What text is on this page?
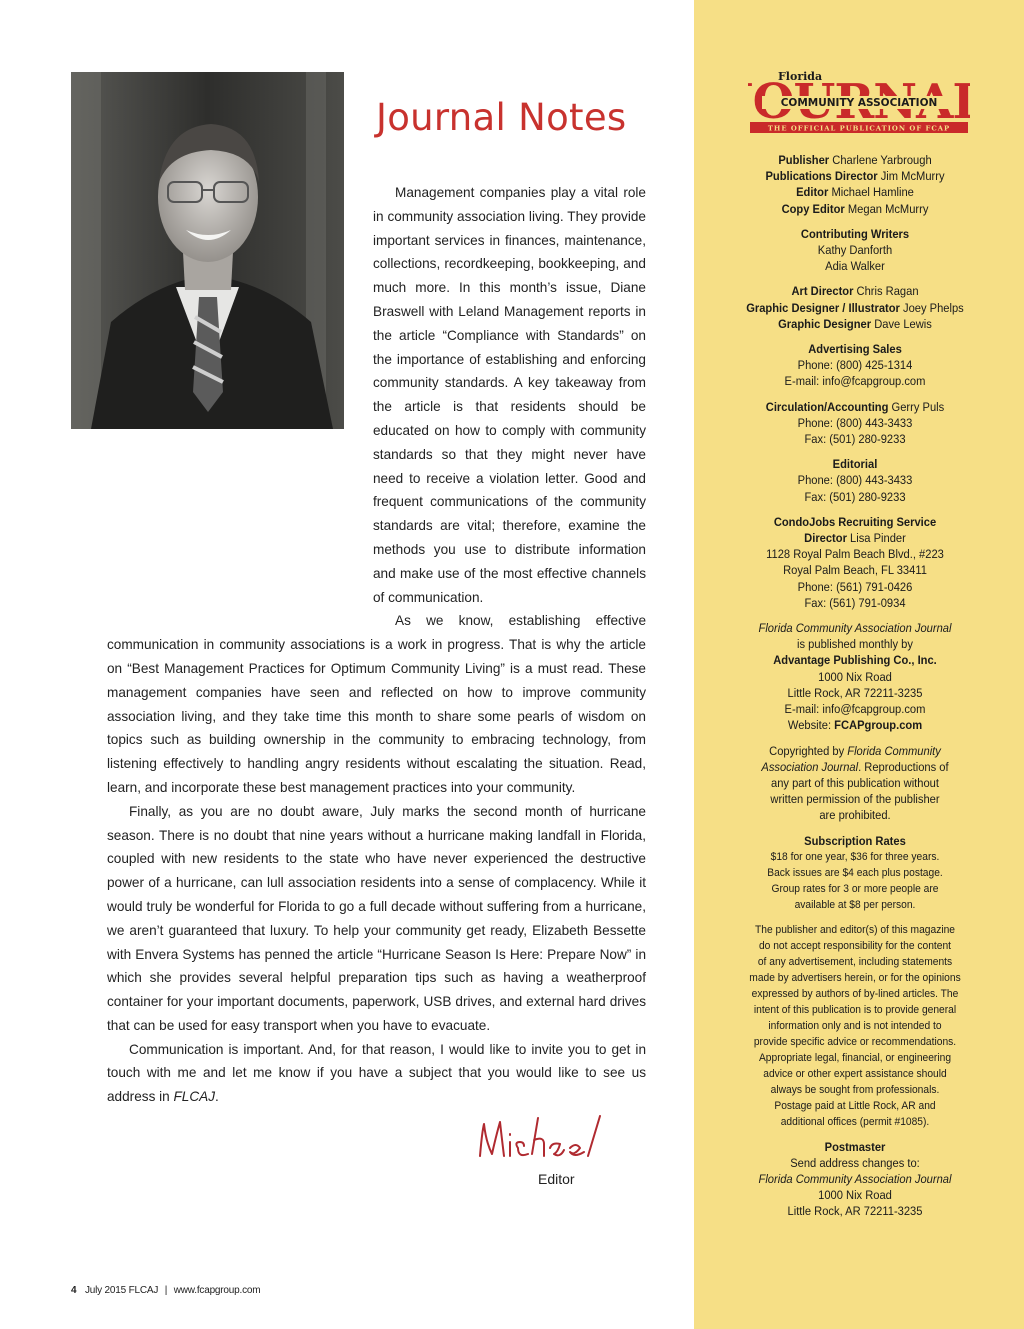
Journal Notes

Management companies play a vital role in community association living. They provide important services in finances, maintenance, collections, recordkeeping, bookkeeping, and much more. In this month’s issue, Diane Braswell with Leland Management reports in the article “Compliance with Standards” on the importance of establishing and enforcing community standards. A key takeaway from the article is that residents should be educated on how to comply with community standards so that they might never have need to receive a violation letter. Good and frequent communications of the community standards are vital; therefore, examine the methods you use to distribute information and make use of the most effective channels of communication.

As we know, establishing effective communication in community associations is a work in progress. That is why the article on “Best Management Practices for Optimum Community Living” is a must read. These management companies have seen and reflected on how to improve community association living, and they take time this month to share some pearls of wisdom on topics such as building ownership in the community to embracing technology, from listening effectively to handling angry residents without escalating the situation. Read, learn, and incorporate these best management practices into your community.

Finally, as you are no doubt aware, July marks the second month of hurricane season. There is no doubt that nine years without a hurricane making landfall in Florida, coupled with new residents to the state who have never experienced the destructive power of a hurricane, can lull association residents into a sense of complacency. While it would truly be wonderful for Florida to go a full decade without suffering from a hurricane, we aren’t guaranteed that luxury. To help your community get ready, Elizabeth Bessette with Envera Systems has penned the article “Hurricane Season Is Here: Prepare Now” in which she provides several helpful preparation tips such as having a weatherproof container for your important documents, paperwork, USB drives, and external hard drives that can be used for easy transport when you have to evacuate.

Communication is important. And, for that reason, I would like to invite you to get in touch with me and let me know if you have a subject that you would like to see us address in FLCAJ.

Editor
4 July 2015 FLCAJ | www.fcapgroup.com
Florida
COMMUNITY ASSOCIATION
THE OFFICIAL PUBLICATION OF FCAP
Publisher Charlene Yarbrough
Publications Director Jim McMurry
Editor Michael Hamline
Copy Editor Megan McMurry
Contributing Writers
Kathy Danforth
Adia Walker
Art Director Chris Ragan
Graphic Designer / Illustrator Joey Phelps
Graphic Designer Dave Lewis
Advertising Sales
Phone: (800) 425-1314
E-mail: info@fcapgroup.com
Circulation/Accounting Gerry Puls
Phone: (800) 443-3433
Fax: (501) 280-9233
Editorial
Phone: (800) 443-3433
Fax: (501) 280-9233
CondoJobs Recruiting Service
Director Lisa Pinder
1128 Royal Palm Beach Blvd., #223
Royal Palm Beach, FL 33411
Phone: (561) 791-0426
Fax: (561) 791-0934
Florida Community Association Journal
is published monthly by
Advantage Publishing Co., Inc.
1000 Nix Road
Little Rock, AR 72211-3235
E-mail: info@fcapgroup.com
Website: FCAPgroup.com
Copyrighted by Florida Community
Association Journal. Reproductions of
any part of this publication without
written permission of the publisher
are prohibited.
Subscription Rates
$18 for one year, $36 for three years.
Back issues are $4 each plus postage.
Group rates for 3 or more people are
available at $8 per person.
The publisher and editor(s) of this magazine
do not accept responsibility for the content
of any advertisement, including statements
made by advertisers herein, or for the opinions
expressed by authors of by-lined articles. The
intent of this publication is to provide general
information only and is not intended to
provide specific advice or recommendations.
Appropriate legal, financial, or engineering
advice or other expert assistance should
always be sought from professionals.
Postage paid at Little Rock, AR and
additional offices (permit #1085).
Postmaster
Send address changes to:
Florida Community Association Journal
1000 Nix Road
Little Rock, AR 72211-3235
